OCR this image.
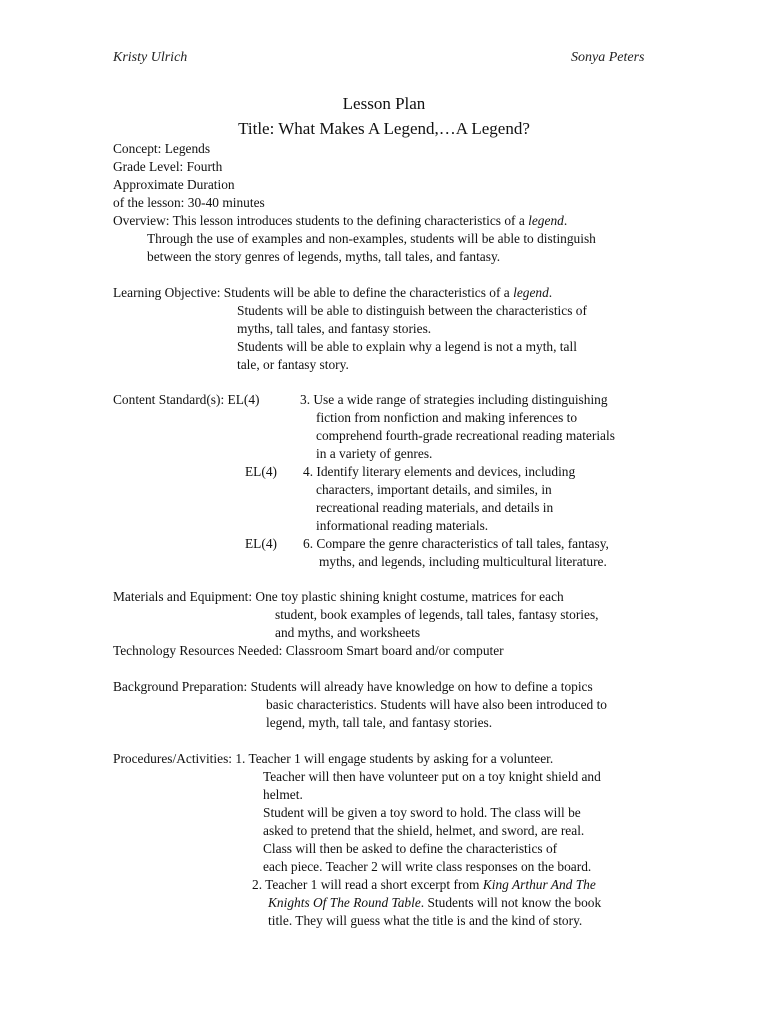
Kristy Ulrich	Sonya Peters
Lesson Plan
Title: What Makes A Legend,…A Legend?
Concept: Legends
Grade Level: Fourth
Approximate Duration
of the lesson: 30-40 minutes
Overview: This lesson introduces students to the defining characteristics of a legend.
Through the use of examples and non-examples, students will be able to distinguish
between the story genres of legends, myths, tall tales, and fantasy.
Learning Objective: Students will be able to define the characteristics of a legend.
Students will be able to distinguish between the characteristics of
myths, tall tales, and fantasy stories.
Students will be able to explain why a legend is not a myth, tall
tale, or fantasy story.
Content Standard(s): EL(4)	3. Use a wide range of strategies including distinguishing
fiction from nonfiction and making inferences to
comprehend fourth-grade recreational reading materials
in a variety of genres.
EL(4) 4. Identify literary elements and devices, including
characters, important details, and similes, in
recreational reading materials, and details in
informational reading materials.
EL(4) 6. Compare the genre characteristics of tall tales, fantasy,
myths, and legends, including multicultural literature.
Materials and Equipment: One toy plastic shining knight costume, matrices for each
student, book examples of legends, tall tales, fantasy stories,
and myths, and worksheets
Technology Resources Needed: Classroom Smart board and/or computer
Background Preparation: Students will already have knowledge on how to define a topics
basic characteristics. Students will have also been introduced to
legend, myth, tall tale, and fantasy stories.
Procedures/Activities: 1. Teacher 1 will engage students by asking for a volunteer.
Teacher will then have volunteer put on a toy knight shield and
helmet.
Student will be given a toy sword to hold. The class will be
asked to pretend that the shield, helmet, and sword, are real.
Class will then be asked to define the characteristics of
each piece. Teacher 2 will write class responses on the board.
2. Teacher 1 will read a short excerpt from King Arthur And The
Knights Of The Round Table. Students will not know the book
title. They will guess what the title is and the kind of story.
